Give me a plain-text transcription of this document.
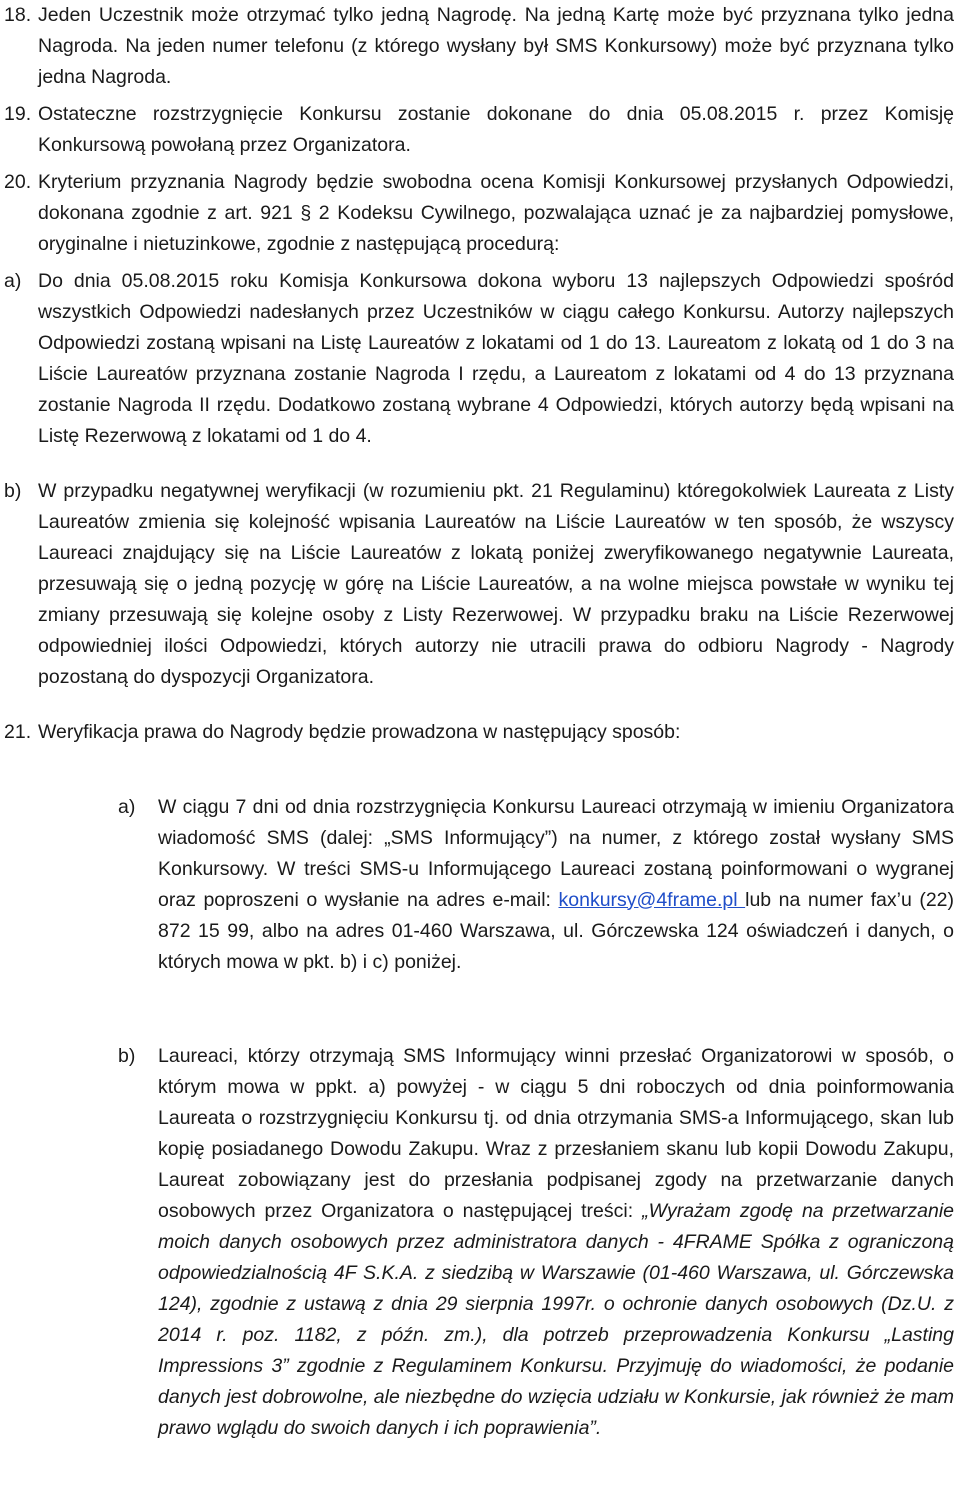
18. Jeden Uczestnik może otrzymać tylko jedną Nagrodę. Na jedną Kartę może być przyznana tylko jedna Nagroda. Na jeden numer telefonu (z którego wysłany był SMS Konkursowy) może być przyznana tylko jedna Nagroda.

19. Ostateczne rozstrzygnięcie Konkursu zostanie dokonane do dnia 05.08.2015 r. przez Komisję Konkursową powołaną przez Organizatora.

20. Kryterium przyznania Nagrody będzie swobodna ocena Komisji Konkursowej przysłanych Odpowiedzi, dokonana zgodnie z art. 921 § 2 Kodeksu Cywilnego, pozwalająca uznać je za najbardziej pomysłowe, oryginalne i nietuzinkowe, zgodnie z następującą procedurą:

a) Do dnia 05.08.2015 roku Komisja Konkursowa dokona wyboru 13 najlepszych Odpowiedzi spośród wszystkich Odpowiedzi nadesłanych przez Uczestników w ciągu całego Konkursu. Autorzy najlepszych Odpowiedzi zostaną wpisani na Listę Laureatów z lokatami od 1 do 13. Laureatom z lokatą od 1 do 3 na Liście Laureatów przyznana zostanie Nagroda I rzędu, a Laureatom z lokatami od 4 do 13 przyznana zostanie Nagroda II rzędu. Dodatkowo zostaną wybrane 4 Odpowiedzi, których autorzy będą wpisani na Listę Rezerwową z lokatami od 1 do 4.

b) W przypadku negatywnej weryfikacji (w rozumieniu pkt. 21 Regulaminu) któregokolwiek Laureata z Listy Laureatów zmienia się kolejność wpisania Laureatów na Liście Laureatów w ten sposób, że wszyscy Laureaci znajdujący się na Liście Laureatów z lokatą poniżej zweryfikowanego negatywnie Laureata, przesuwają się o jedną pozycję w górę na Liście Laureatów, a na wolne miejsca powstałe w wyniku tej zmiany przesuwają się kolejne osoby z Listy Rezerwowej. W przypadku braku na Liście Rezerwowej odpowiedniej ilości Odpowiedzi, których autorzy nie utracili prawa do odbioru Nagrody - Nagrody pozostaną do dyspozycji Organizatora.

21. Weryfikacja prawa do Nagrody będzie prowadzona w następujący sposób:

a) W ciągu 7 dni od dnia rozstrzygnięcia Konkursu Laureaci otrzymają w imieniu Organizatora wiadomość SMS (dalej: „SMS Informujący”) na numer, z którego został wysłany SMS Konkursowy. W treści SMS-u Informującego Laureaci zostaną poinformowani o wygranej oraz poproszeni o wysłanie na adres e-mail: konkursy@4frame.pl lub na numer fax’u (22) 872 15 99, albo na adres 01-460 Warszawa, ul. Górczewska 124 oświadczeń i danych, o których mowa w pkt. b) i c) poniżej.

b) Laureaci, którzy otrzymają SMS Informujący winni przesłać Organizatorowi w sposób, o którym mowa w ppkt. a) powyżej - w ciągu 5 dni roboczych od dnia poinformowania Laureata o rozstrzygnięciu Konkursu tj. od dnia otrzymania SMS-a Informującego, skan lub kopię posiadanego Dowodu Zakupu. Wraz z przesłaniem skanu lub kopii Dowodu Zakupu, Laureat zobowiązany jest do przesłania podpisanej zgody na przetwarzanie danych osobowych przez Organizatora o następującej treści: „Wyrażam zgodę na przetwarzanie moich danych osobowych przez administratora danych - 4FRAME Spółka z ograniczoną odpowiedzialnością 4F S.K.A. z siedzibą w Warszawie (01-460 Warszawa, ul. Górczewska 124), zgodnie z ustawą z dnia 29 sierpnia 1997r. o ochronie danych osobowych (Dz.U. z 2014 r. poz. 1182, z późn. zm.), dla potrzeb przeprowadzenia Konkursu „Lasting Impressions 3” zgodnie z Regulaminem Konkursu. Przyjmuję do wiadomości, że podanie danych jest dobrowolne, ale niezbędne do wzięcia udziału w Konkursie, jak również że mam prawo wglądu do swoich danych i ich poprawienia”.
